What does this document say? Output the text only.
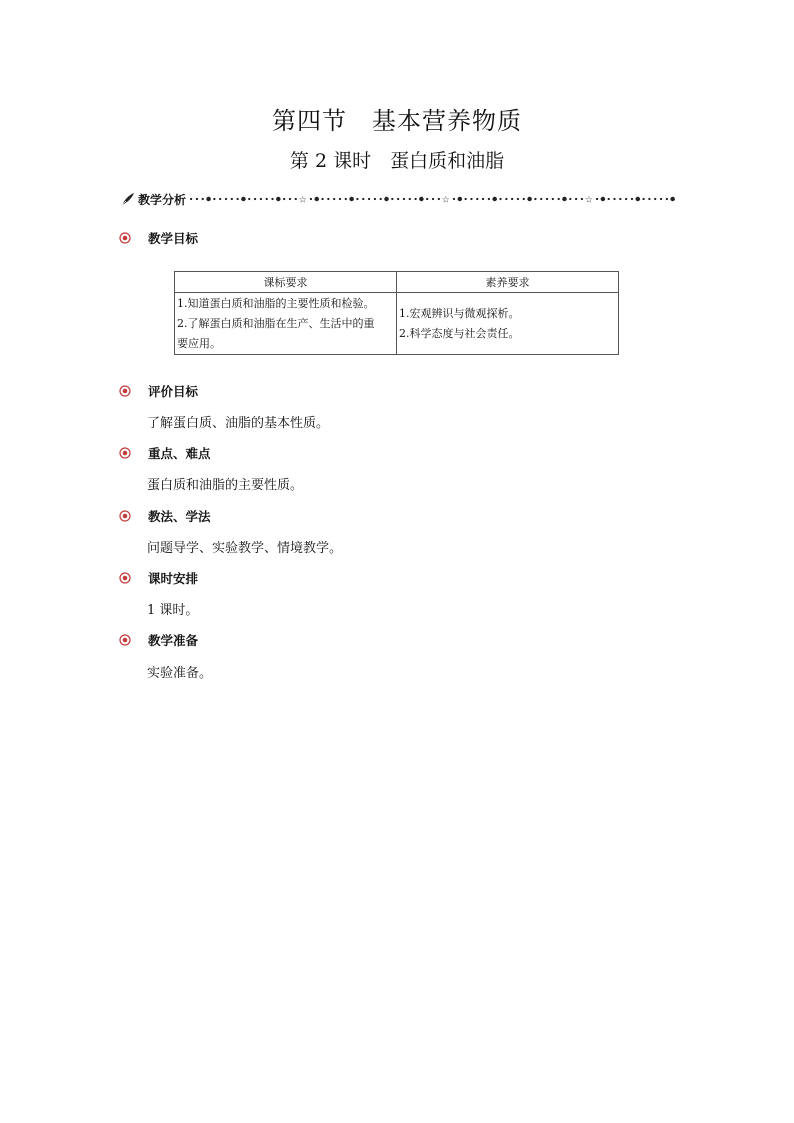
第四节　基本营养物质
第 2 课时　蛋白质和油脂
教学分析	☆	☆	☆
教学目标
课标要求	素养要求

1.知道蛋白质和油脂的主要性质和检验。
2.了解蛋白质和油脂在生产、生活中的重
要应用。	1.宏观辨识与微观探析。
2.科学态度与社会责任。
评价目标
了解蛋白质、油脂的基本性质。
重点、难点
蛋白质和油脂的主要性质。
教法、学法
问题导学、实验教学、情境教学。
课时安排
1 课时。
教学准备
实验准备。
